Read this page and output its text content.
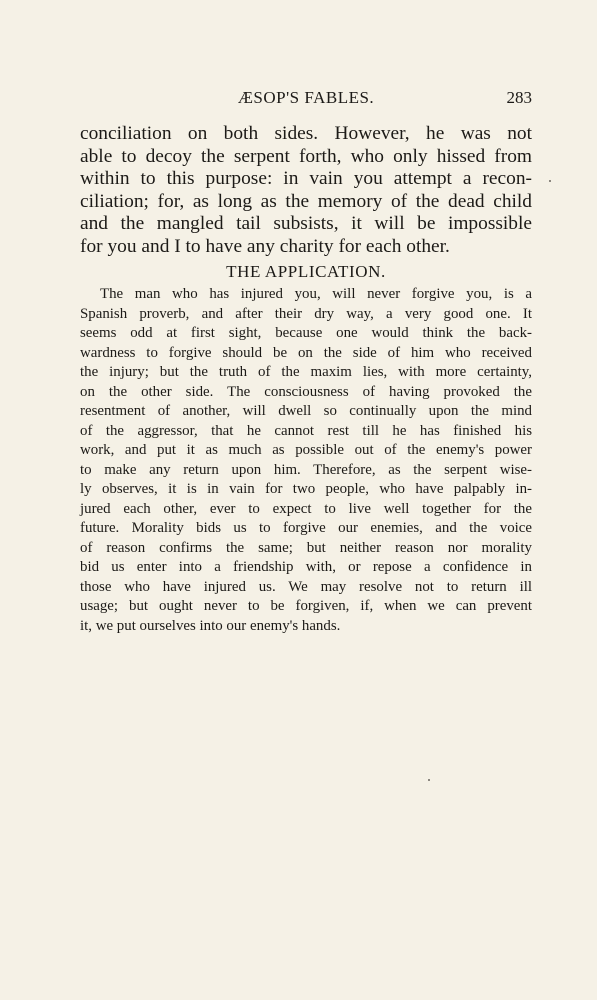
ÆSOP'S FABLES.	283
conciliation on both sides. However, he was not
able to decoy the serpent forth, who only hissed from
within to this purpose: in vain you attempt a recon-
ciliation; for, as long as the memory of the dead child
and the mangled tail subsists, it will be impossible
for you and I to have any charity for each other.
THE APPLICATION.
The man who has injured you, will never forgive you, is a
Spanish proverb, and after their dry way, a very good one. It
seems odd at first sight, because one would think the back-
wardness to forgive should be on the side of him who received
the injury; but the truth of the maxim lies, with more certainty,
on the other side. The consciousness of having provoked the
resentment of another, will dwell so continually upon the mind
of the aggressor, that he cannot rest till he has finished his
work, and put it as much as possible out of the enemy's power
to make any return upon him. Therefore, as the serpent wise-
ly observes, it is in vain for two people, who have palpably in-
jured each other, ever to expect to live well together for the
future. Morality bids us to forgive our enemies, and the voice
of reason confirms the same; but neither reason nor morality
bid us enter into a friendship with, or repose a confidence in
those who have injured us. We may resolve not to return ill
usage; but ought never to be forgiven, if, when we can prevent
it, we put ourselves into our enemy's hands.
